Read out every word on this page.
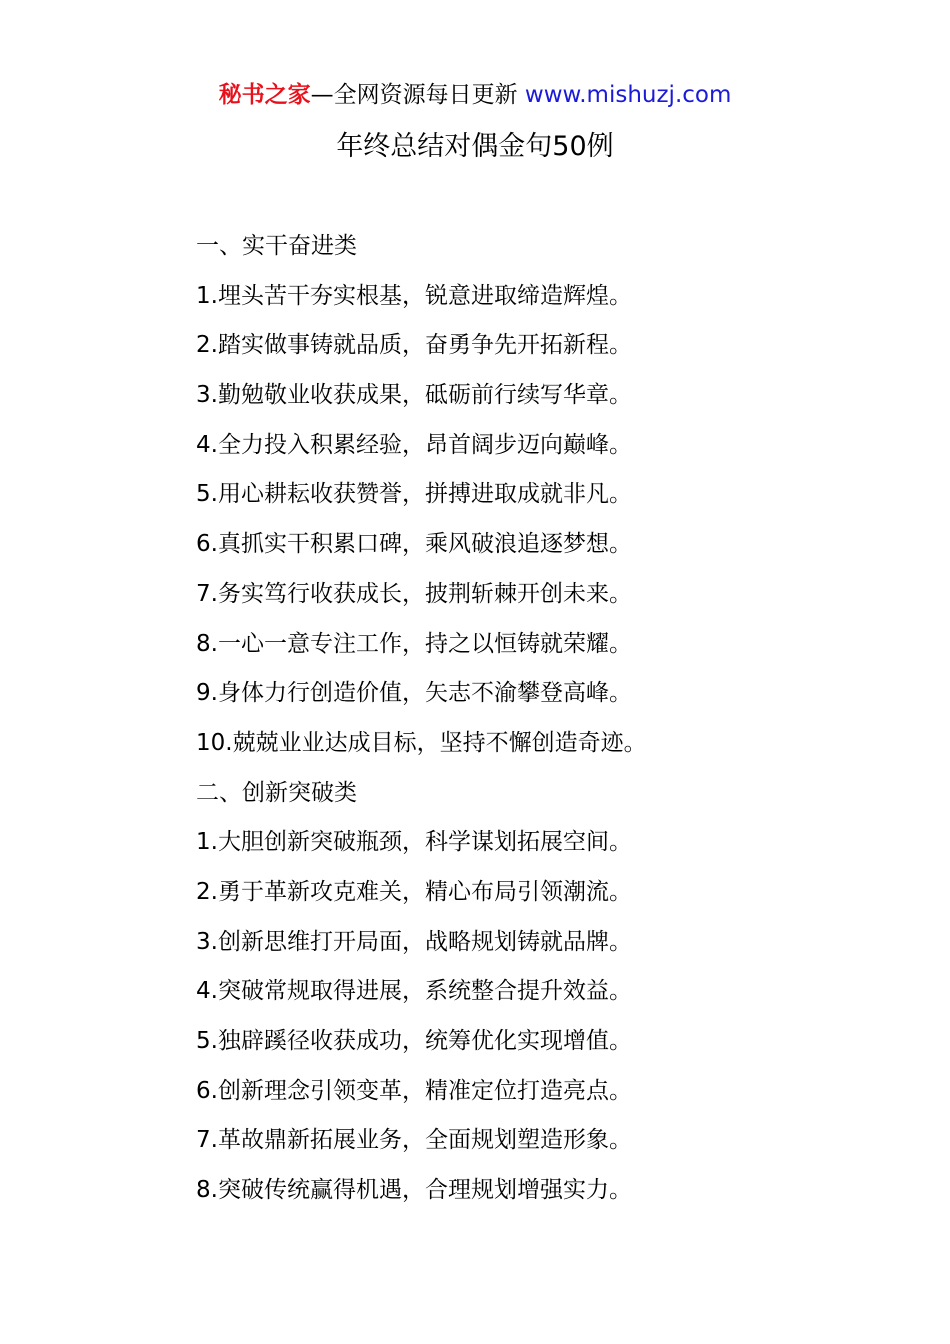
秘书之家—全网资源每日更新 www.mishuzj.com
年终总结对偶金句50例
一、实干奋进类
1.埋头苦干夯实根基，锐意进取缔造辉煌。
2.踏实做事铸就品质，奋勇争先开拓新程。
3.勤勉敬业收获成果，砥砺前行续写华章。
4.全力投入积累经验，昂首阔步迈向巅峰。
5.用心耕耘收获赞誉，拼搏进取成就非凡。
6.真抓实干积累口碑，乘风破浪追逐梦想。
7.务实笃行收获成长，披荆斩棘开创未来。
8.一心一意专注工作，持之以恒铸就荣耀。
9.身体力行创造价值，矢志不渝攀登高峰。
10.兢兢业业达成目标，坚持不懈创造奇迹。
二、创新突破类
1.大胆创新突破瓶颈，科学谋划拓展空间。
2.勇于革新攻克难关，精心布局引领潮流。
3.创新思维打开局面，战略规划铸就品牌。
4.突破常规取得进展，系统整合提升效益。
5.独辟蹊径收获成功，统筹优化实现增值。
6.创新理念引领变革，精准定位打造亮点。
7.革故鼎新拓展业务，全面规划塑造形象。
8.突破传统赢得机遇，合理规划增强实力。
